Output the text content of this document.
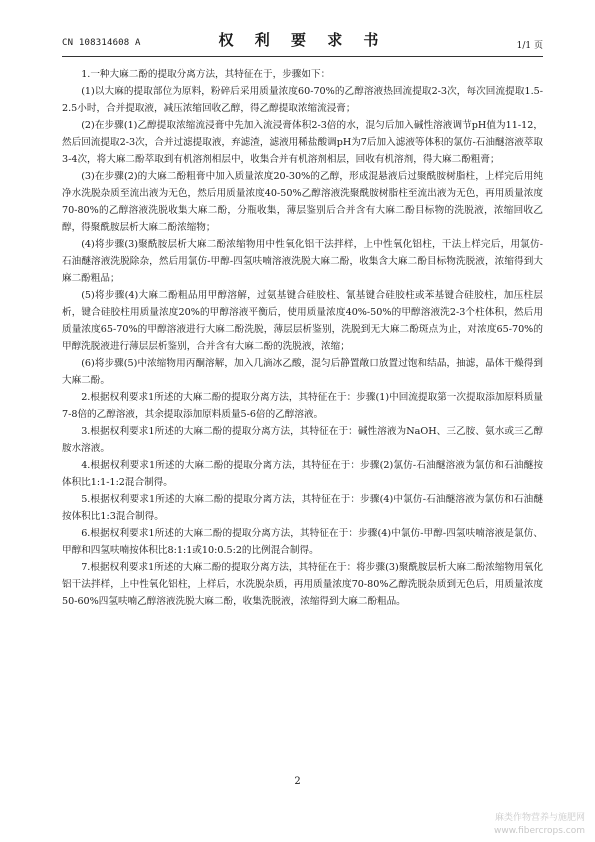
CN 108314608 A	权 利 要 求 书	1/1 页

1.一种大麻二酚的提取分离方法，其特征在于，步骤如下：

(1)以大麻的提取部位为原料，粉碎后采用质量浓度60-70%的乙醇溶液热回流提取2-3次，每次回流提取1.5-2.5小时，合并提取液，减压浓缩回收乙醇，得乙醇提取浓缩流浸膏；

(2)在步骤(1)乙醇提取浓缩流浸膏中先加入流浸膏体积2-3倍的水，混匀后加入碱性溶液调节pH值为11-12，然后回流提取2-3次，合并过滤提取液，弃滤渣，滤液用稀盐酸调pH为7后加入滤液等体积的氯仿-石油醚溶液萃取3-4次，将大麻二酚萃取到有机溶剂相层中，收集合并有机溶剂相层，回收有机溶剂，得大麻二酚粗膏；

(3)在步骤(2)的大麻二酚粗膏中加入质量浓度20-30%的乙醇，形成混悬液后过聚酰胺树脂柱，上样完后用纯净水洗脱杂质至流出液为无色，然后用质量浓度40-50%乙醇溶液洗聚酰胺树脂柱至流出液为无色，再用质量浓度70-80%的乙醇溶液洗脱收集大麻二酚，分瓶收集，薄层鉴别后合并含有大麻二酚目标物的洗脱液，浓缩回收乙醇，得聚酰胺层析大麻二酚浓缩物；

(4)将步骤(3)聚酰胺层析大麻二酚浓缩物用中性氧化铝干法拌样，上中性氧化铝柱，干法上样完后，用氯仿-石油醚溶液洗脱除杂，然后用氯仿-甲醇-四氢呋喃溶液洗脱大麻二酚，收集含大麻二酚目标物洗脱液，浓缩得到大麻二酚粗品；

(5)将步骤(4)大麻二酚粗品用甲醇溶解，过氨基键合硅胶柱、氰基键合硅胶柱或苯基键合硅胶柱，加压柱层析，键合硅胶柱用质量浓度20%的甲醇溶液平衡后，使用质量浓度40%-50%的甲醇溶液洗2-3个柱体积，然后用质量浓度65-70%的甲醇溶液进行大麻二酚洗脱，薄层层析鉴别，洗脱到无大麻二酚斑点为止，对浓度65-70%的甲醇洗脱液进行薄层层析鉴别，合并含有大麻二酚的洗脱液，浓缩；

(6)将步骤(5)中浓缩物用丙酮溶解，加入几滴冰乙酸，混匀后静置敞口放置过饱和结晶，抽滤，晶体干燥得到大麻二酚。

2.根据权利要求1所述的大麻二酚的提取分离方法，其特征在于：步骤(1)中回流提取第一次提取添加原料质量7-8倍的乙醇溶液，其余提取添加原料质量5-6倍的乙醇溶液。

3.根据权利要求1所述的大麻二酚的提取分离方法，其特征在于：碱性溶液为NaOH、三乙胺、氨水或三乙醇胺水溶液。

4.根据权利要求1所述的大麻二酚的提取分离方法，其特征在于：步骤(2)氯仿-石油醚溶液为氯仿和石油醚按体积比1:1-1:2混合制得。

5.根据权利要求1所述的大麻二酚的提取分离方法，其特征在于：步骤(4)中氯仿-石油醚溶液为氯仿和石油醚按体积比1:3混合制得。

6.根据权利要求1所述的大麻二酚的提取分离方法，其特征在于：步骤(4)中氯仿-甲醇-四氢呋喃溶液是氯仿、甲醇和四氢呋喃按体积比8:1:1或10:0.5:2的比例混合制得。

7.根据权利要求1所述的大麻二酚的提取分离方法，其特征在于：将步骤(3)聚酰胺层析大麻二酚浓缩物用氧化铝干法拌样，上中性氧化铝柱，上样后，水洗脱杂质，再用质量浓度70-80%乙醇洗脱杂质到无色后，用质量浓度50-60%四氢呋喃乙醇溶液洗脱大麻二酚，收集洗脱液，浓缩得到大麻二酚粗品。

2
麻类作物营养与施肥网
www.fibercrops.com
